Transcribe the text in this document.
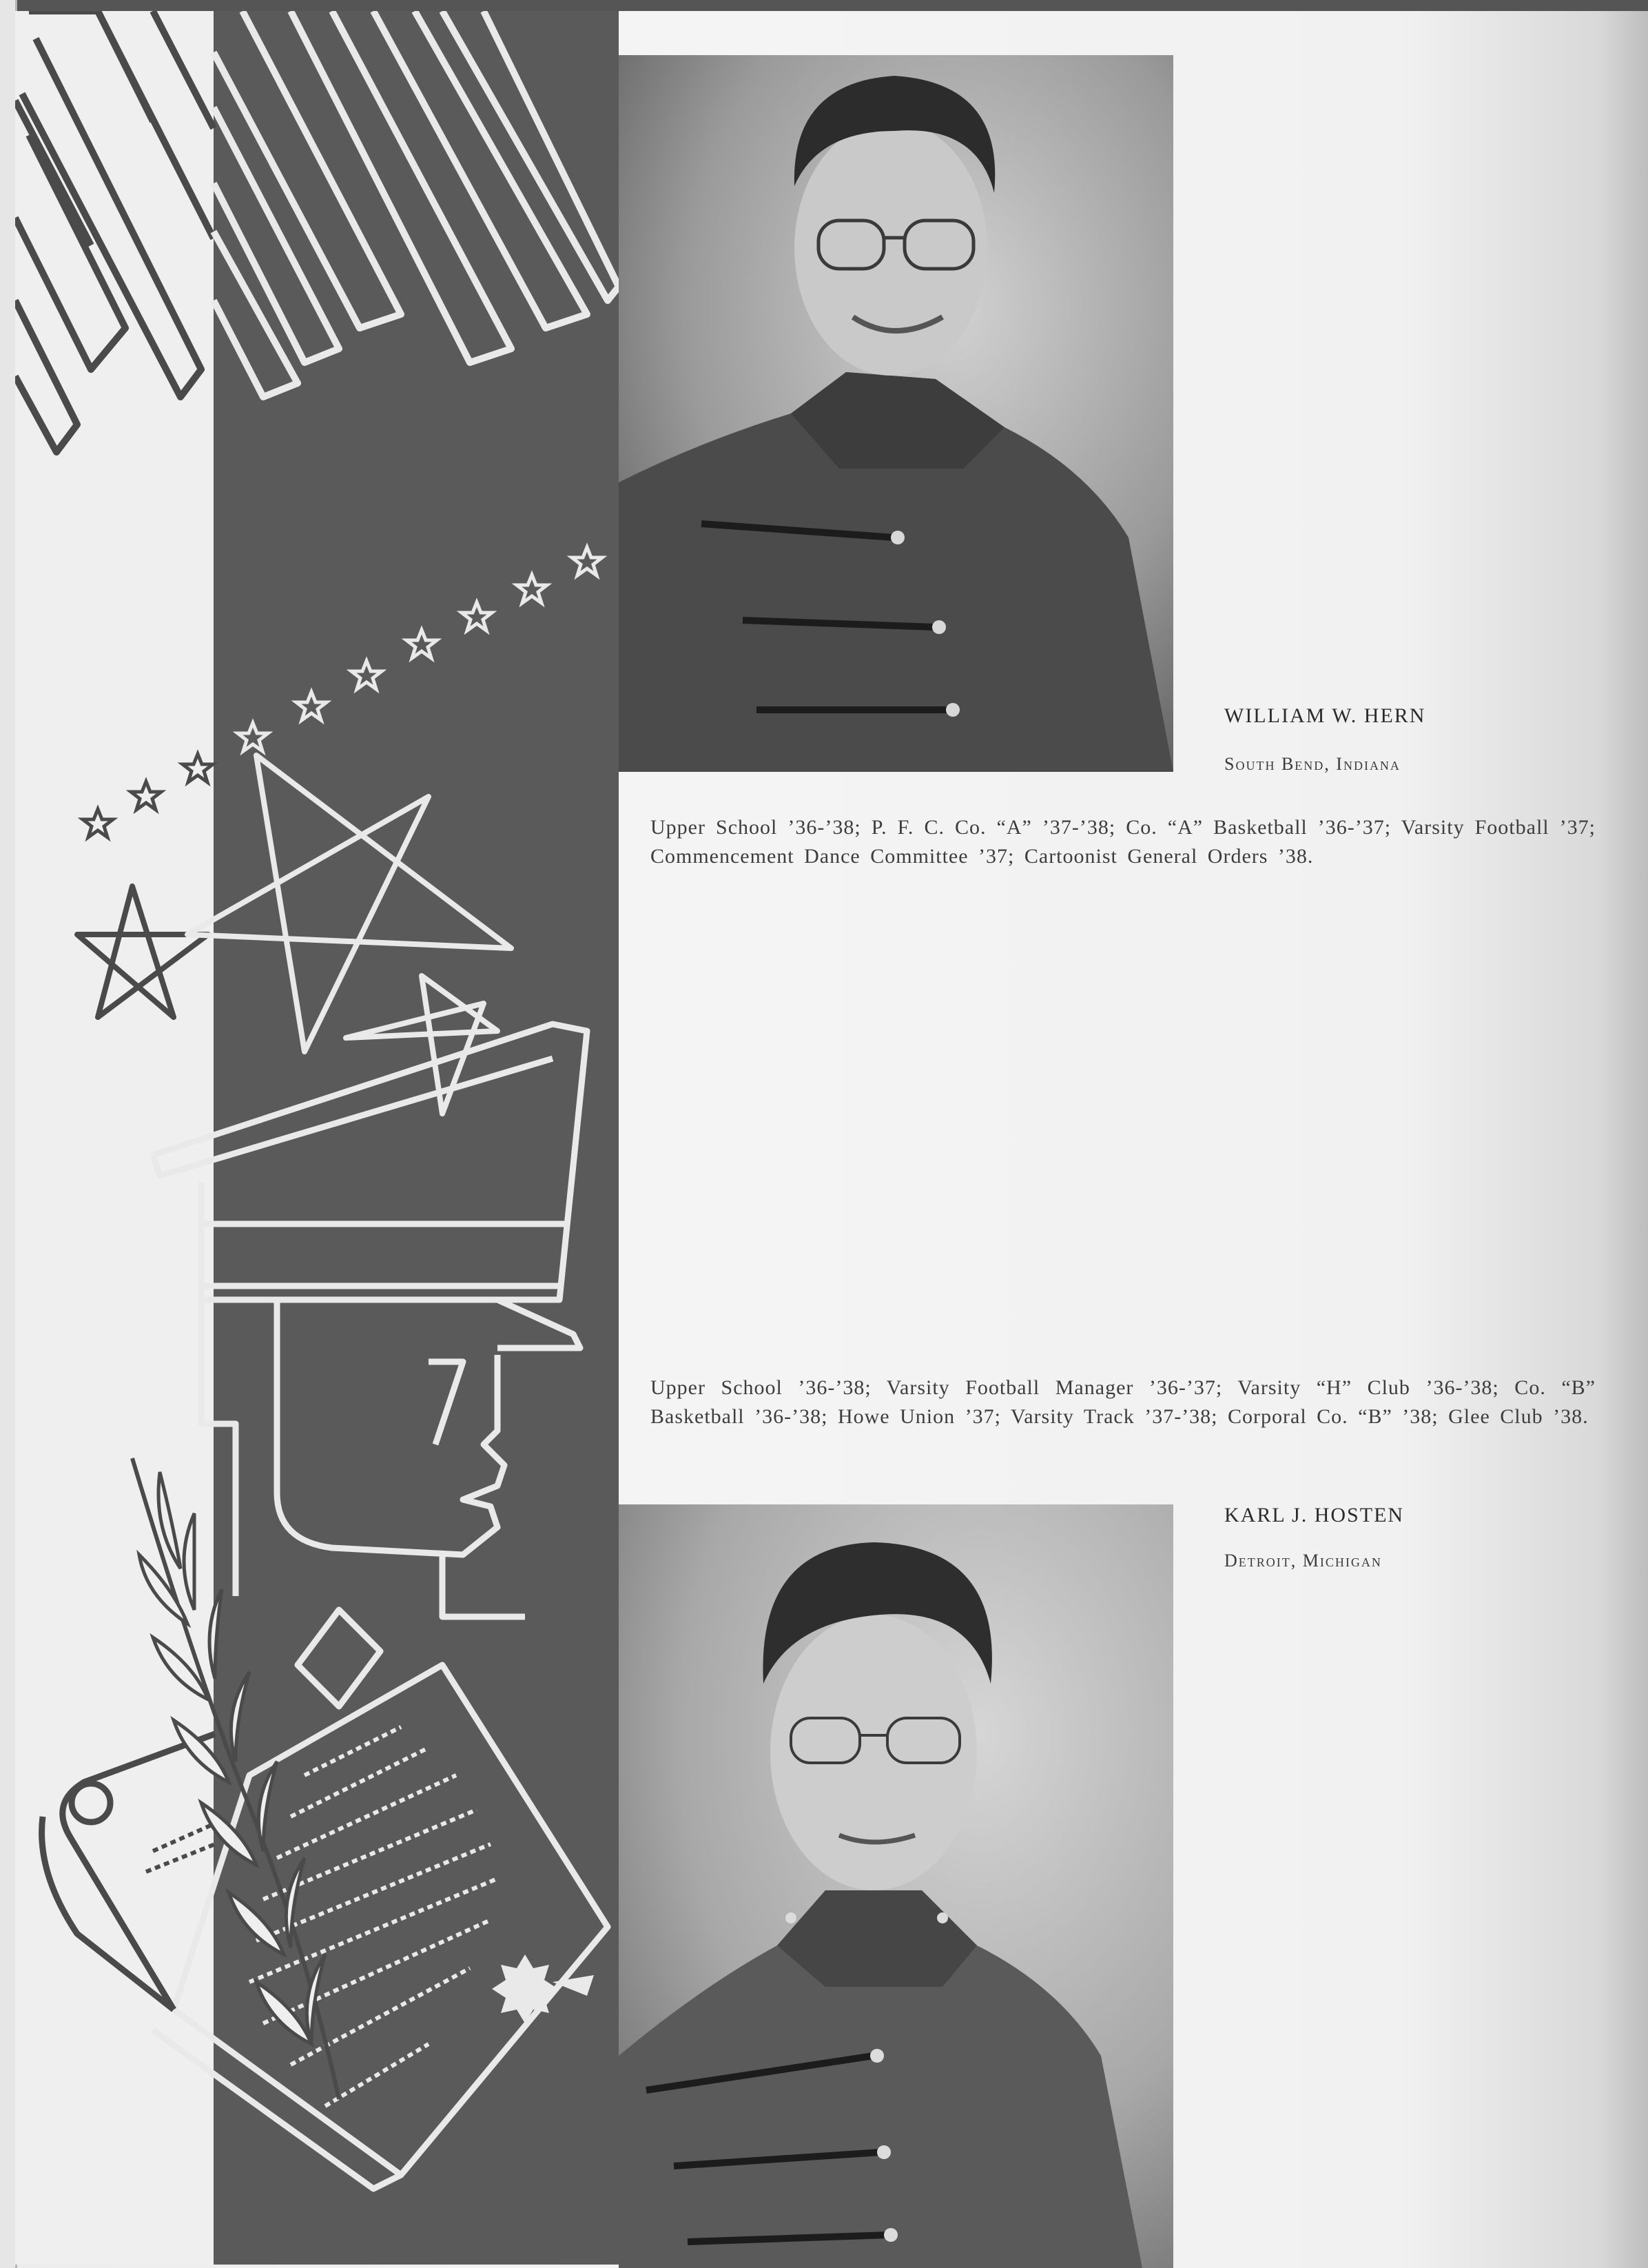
WILLIAM W. HERN
South Bend, Indiana
Upper School ’36-’38; P. F. C. Co. “A” ’37-’38; Co. “A” Basketball ’36-’37; Varsity Football ’37; Commencement Dance Committee ’37; Cartoonist General Orders ’38.
Upper School ’36-’38; Varsity Football Manager ’36-’37; Varsity “H” Club ’36-’38; Co. “B” Basketball ’36-’38; Howe Union ’37; Varsity Track ’37-’38; Corporal Co. “B” ’38; Glee Club ’38.
KARL J. HOSTEN
Detroit, Michigan
